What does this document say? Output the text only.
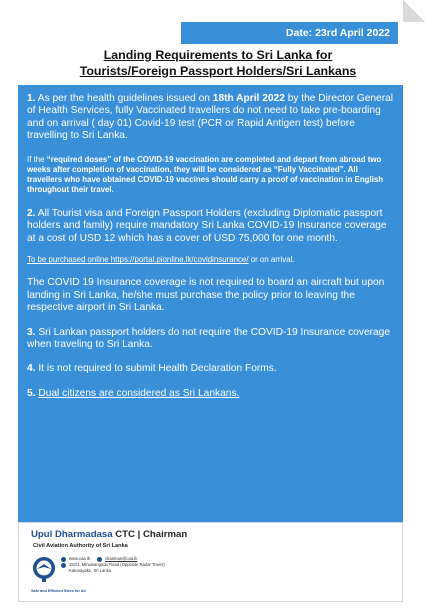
Date: 23rd April 2022
Landing Requirements to Sri Lanka for
Tourists/Foreign Passport Holders/Sri Lankans

1. As per the health guidelines issued on 18th April 2022 by the Director General of Health Services, fully Vaccinated travellers do not need to take pre-boarding and on arrival ( day 01) Covid-19 test (PCR or Rapid Antigen test) before travelling to Sri Lanka.

If the “required doses” of the COVID-19 vaccination are completed and depart from abroad two weeks after completion of vaccination, they will be considered as “Fully Vaccinated”. All travellers who have obtained COVID-19 vaccines should carry a proof of vaccination in English throughout their travel.

2. All Tourist visa and Foreign Passport Holders (excluding Diplomatic passport holders and family) require mandatory Sri Lanka COVID-19 Insurance coverage at a cost of USD 12 which has a cover of USD 75,000 for one month.

To be purchased online https://portal.pionline.lk/covidinsurance/ or on arrival.

The COVID 19 Insurance coverage is not required to board an aircraft but upon landing in Sri Lanka, he/she must purchase the policy prior to leaving the respective airport in Sri Lanka.

3. Sri Lankan passport holders do not require the COVID-19 Insurance coverage when traveling to Sri Lanka.

4. It is not required to submit Health Declaration Forms.

5. Dual citizens are considered as Sri Lankans.

Upul Dharmadasa CTC | Chairman
Civil Aviation Authority of Sri Lanka
www.caa.lk	chairman@caa.lk
152/1, Minuwangoda Road (Opposite Radar Tower)
Katunayake, Sri Lanka
Safe and Efficient Skies for All
